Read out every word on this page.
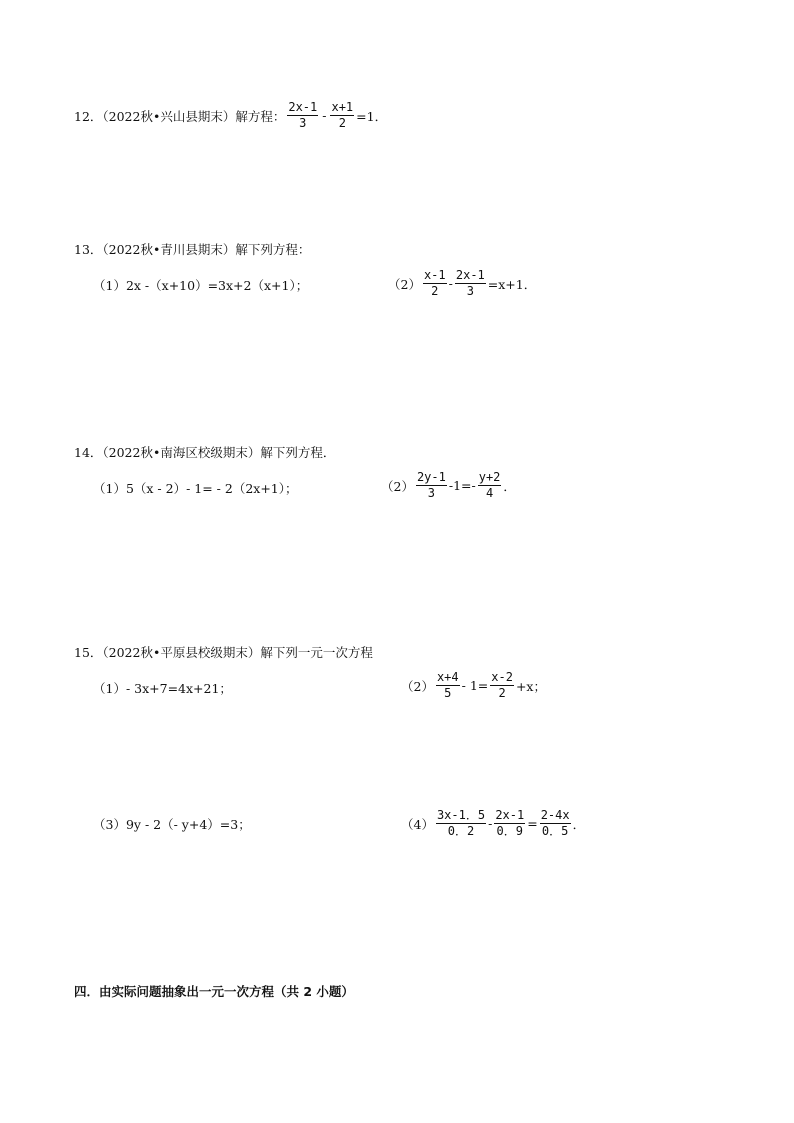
12．（2022秋•兴山县期末）解方程： $\frac{2x-1}{3} - \frac{x+1}{2} =1$．
13．（2022秋•青川县期末）解下列方程：
（1）2x -（x+10）=3x+2（x+1）；	$(2) \frac{x-1}{2} - \frac{2x-1}{3} =x+1$．
14．（2022秋•南海区校级期末）解下列方程．
（1）5（x - 2）- 1= - 2（2x+1）；	$(2) \frac{2y-1}{3} -1=- \frac{y+2}{4}$ ．
15．（2022秋•平原县校级期末）解下列一元一次方程
（1）- 3x+7=4x+21；	$(2) \frac{x+4}{5} - 1= \frac{x-2}{2} +x$；
（3）9y - 2（- y+4）=3；	$(4) \frac{3x-1.5}{0.2} - \frac{2x-1}{0.9} = \frac{2-4x}{0.5}$ ．
四．由实际问题抽象出一元一次方程（共 2 小题）
